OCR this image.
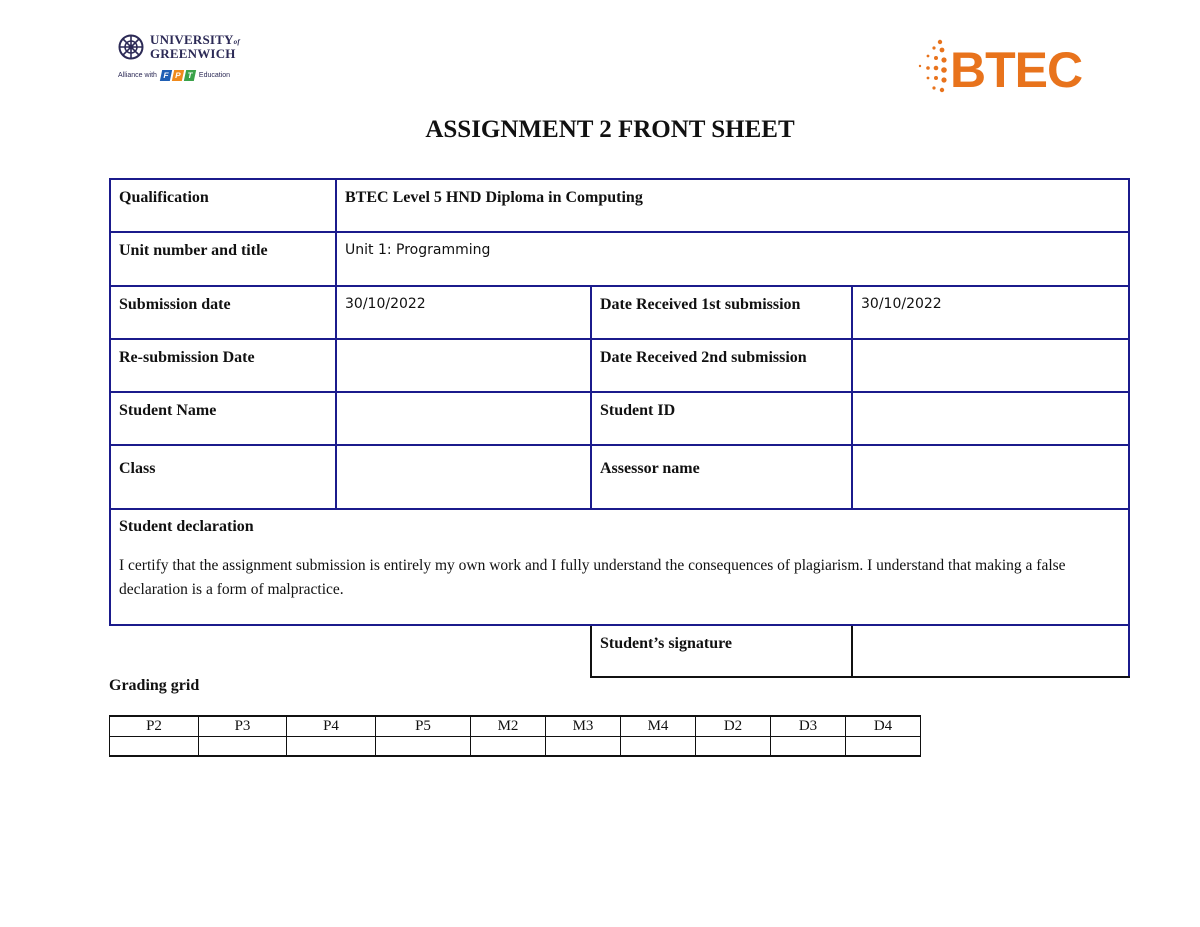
UNIVERSITYof
GREENWICH
Alliance with F P T Education	BTEC
ASSIGNMENT 2 FRONT SHEET
Qualification	BTEC Level 5 HND Diploma in Computing		
Unit number and title	Unit 1: Programming		
Submission date	30/10/2022	Date Received 1st submission	30/10/2022
Re-submission Date		Date Received 2nd submission	
Student Name		Student ID	
Class		Assessor name	

Student declaration
I certify that the assignment submission is entirely my own work and I fully understand the consequences of plagiarism. I understand that making a false declaration is a form of malpractice.			

		Student’s signature	
Grading grid
P2	P3	P4	P5	M2	M3	M4	D2	D3	D4
